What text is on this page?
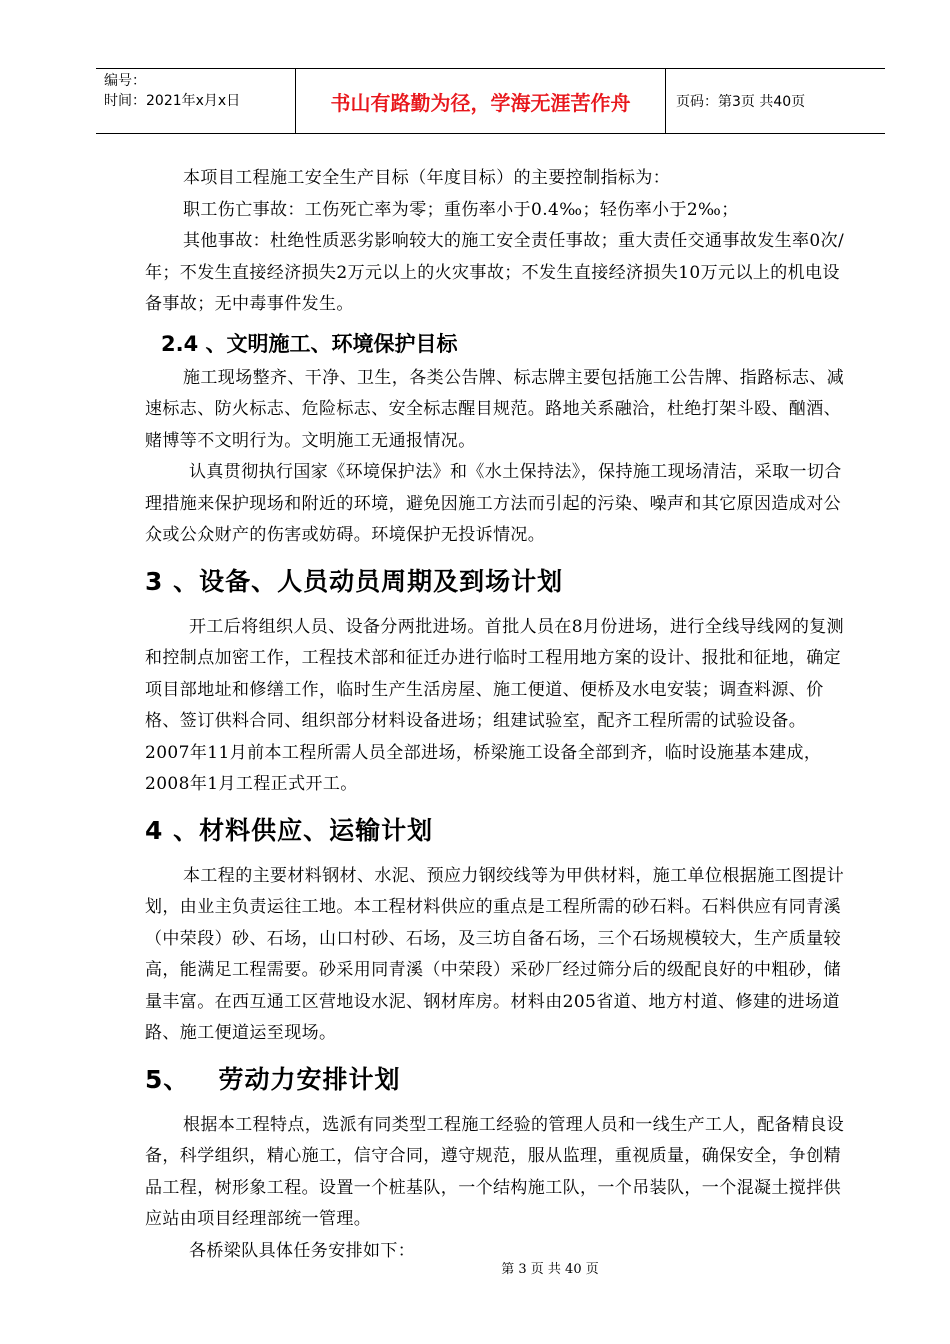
编号：
时间：2021年x月x日	书山有路勤为径，学海无涯苦作舟	页码：第3页 共40页

本项目工程施工安全生产目标（年度目标）的主要控制指标为：

职工伤亡事故：工伤死亡率为零；重伤率小于0.4‰；轻伤率小于2‰；

其他事故：杜绝性质恶劣影响较大的施工安全责任事故；重大责任交通事故发生率0次/年；不发生直接经济损失2万元以上的火灾事故；不发生直接经济损失10万元以上的机电设备事故；无中毒事件发生。

2.4 、文明施工、环境保护目标

施工现场整齐、干净、卫生，各类公告牌、标志牌主要包括施工公告牌、指路标志、减速标志、防火标志、危险标志、安全标志醒目规范。路地关系融洽，杜绝打架斗殴、酗酒、赌博等不文明行为。文明施工无通报情况。

认真贯彻执行国家《环境保护法》和《水土保持法》，保持施工现场清洁，采取一切合理措施来保护现场和附近的环境，避免因施工方法而引起的污染、噪声和其它原因造成对公众或公众财产的伤害或妨碍。环境保护无投诉情况。

3 、设备、人员动员周期及到场计划

开工后将组织人员、设备分两批进场。首批人员在8月份进场，进行全线导线网的复测和控制点加密工作，工程技术部和征迁办进行临时工程用地方案的设计、报批和征地，确定项目部地址和修缮工作，临时生产生活房屋、施工便道、便桥及水电安装；调查料源、价格、签订供料合同、组织部分材料设备进场；组建试验室，配齐工程所需的试验设备。2007年11月前本工程所需人员全部进场，桥梁施工设备全部到齐，临时设施基本建成，2008年1月工程正式开工。

4 、材料供应、运输计划

本工程的主要材料钢材、水泥、预应力钢绞线等为甲供材料，施工单位根据施工图提计划，由业主负责运往工地。本工程材料供应的重点是工程所需的砂石料。石料供应有同青溪（中荣段）砂、石场，山口村砂、石场，及三坊自备石场，三个石场规模较大，生产质量较高，能满足工程需要。砂采用同青溪（中荣段）采砂厂经过筛分后的级配良好的中粗砂，储量丰富。在西互通工区营地设水泥、钢材库房。材料由205省道、地方村道、修建的进场道路、施工便道运至现场。

5、   劳动力安排计划

根据本工程特点，选派有同类型工程施工经验的管理人员和一线生产工人，配备精良设备，科学组织，精心施工，信守合同，遵守规范，服从监理，重视质量，确保安全，争创精品工程，树形象工程。设置一个桩基队，一个结构施工队，一个吊装队，一个混凝土搅拌供应站由项目经理部统一管理。

各桥梁队具体任务安排如下：

第 3 页 共 40 页
